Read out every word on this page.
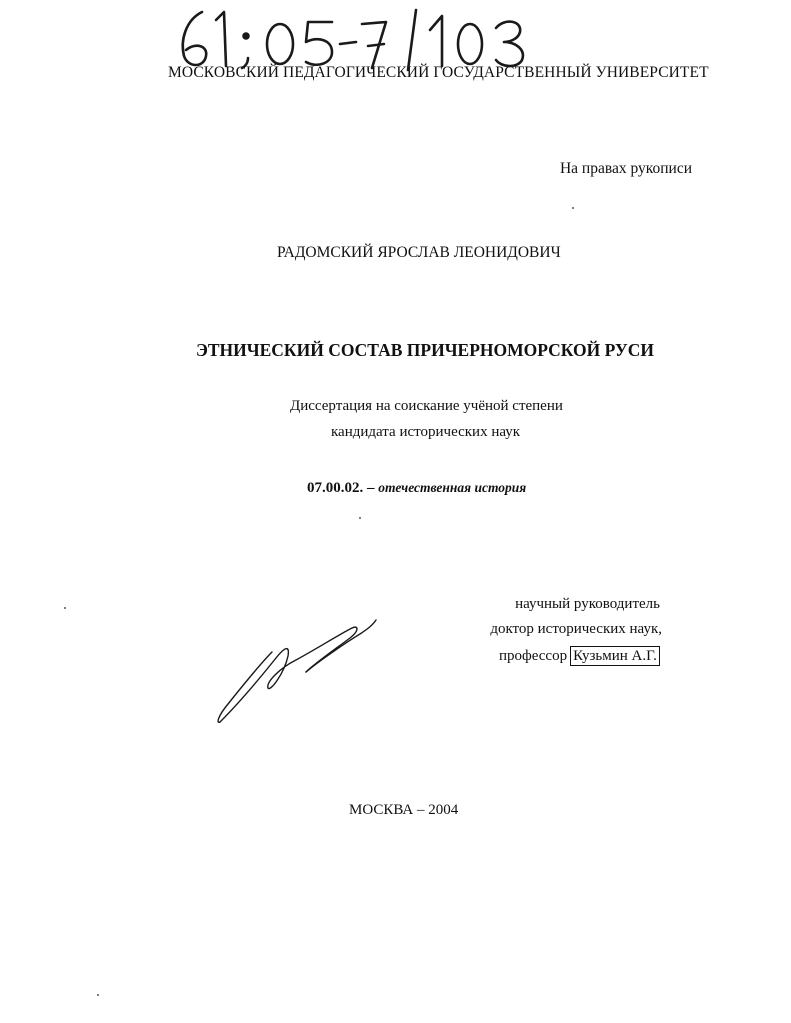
МОСКОВСКИЙ ПЕДАГОГИЧЕСКИЙ ГОСУДАРСТВЕННЫЙ УНИВЕРСИТЕТ
На правах рукописи
РАДОМСКИЙ ЯРОСЛАВ ЛЕОНИДОВИЧ
ЭТНИЧЕСКИЙ СОСТАВ ПРИЧЕРНОМОРСКОЙ РУСИ
Диссертация на соискание учёной степени
кандидата исторических наук
07.00.02. – отечественная история
научный руководитель
доктор исторических наук,
профессор Кузьмин А.Г.
МОСКВА – 2004
